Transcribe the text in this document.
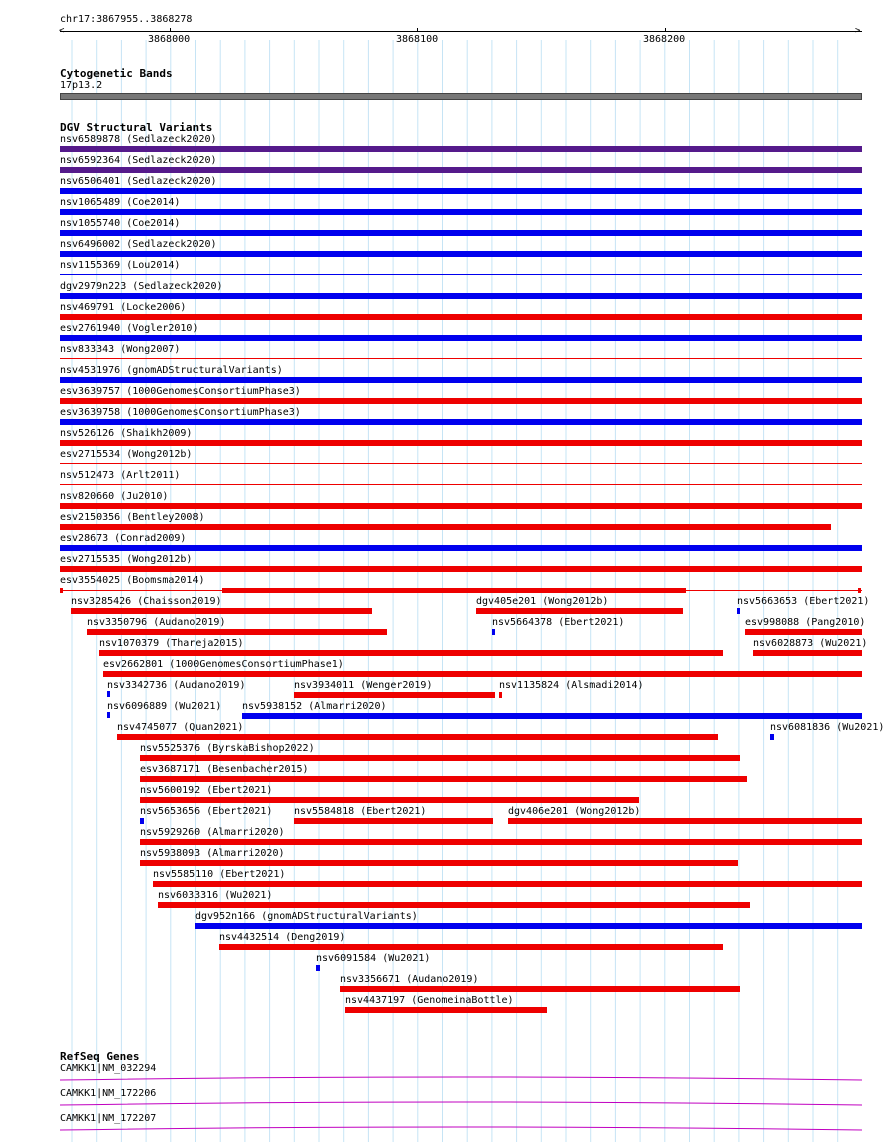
chr17:3867955..3868278
<	>
3868000	3868100	3868200
Cytogenetic Bands
17p13.2
DGV Structural Variants
nsv6589878 (Sedlazeck2020)
nsv6592364 (Sedlazeck2020)
nsv6506401 (Sedlazeck2020)
nsv1065489 (Coe2014)
nsv1055740 (Coe2014)
nsv6496002 (Sedlazeck2020)
nsv1155369 (Lou2014)
dgv2979n223 (Sedlazeck2020)
nsv469791 (Locke2006)
esv2761940 (Vogler2010)
nsv833343 (Wong2007)
nsv4531976 (gnomADStructuralVariants)
esv3639757 (1000GenomesConsortiumPhase3)
esv3639758 (1000GenomesConsortiumPhase3)
nsv526126 (Shaikh2009)
esv2715534 (Wong2012b)
nsv512473 (Arlt2011)
nsv820660 (Ju2010)
esv2150356 (Bentley2008)
esv28673 (Conrad2009)
esv2715535 (Wong2012b)
esv3554025 (Boomsma2014)
nsv3285426 (Chaisson2019)	dgv405e201 (Wong2012b)	nsv5663653 (Ebert2021)
nsv3350796 (Audano2019)	nsv5664378 (Ebert2021)	esv998088 (Pang2010)
nsv1070379 (Thareja2015)	nsv6028873 (Wu2021)
esv2662801 (1000GenomesConsortiumPhase1)
nsv3342736 (Audano2019)	nsv3934011 (Wenger2019)	nsv1135824 (Alsmadi2014)
nsv6096889 (Wu2021) nsv5938152 (Almarri2020)
nsv4745077 (Quan2021)	nsv6081836 (Wu2021)
nsv5525376 (ByrskaBishop2022)
esv3687171 (Besenbacher2015)
nsv5600192 (Ebert2021)
nsv5653656 (Ebert2021) nsv5584818 (Ebert2021)	dgv406e201 (Wong2012b)
nsv5929260 (Almarri2020)
nsv5938093 (Almarri2020)
nsv5585110 (Ebert2021)
nsv6033316 (Wu2021)
dgv952n166 (gnomADStructuralVariants)
nsv4432514 (Deng2019)
nsv6091584 (Wu2021)
nsv3356671 (Audano2019)
nsv4437197 (GenomeinaBottle)
RefSeq Genes
CAMKK1|NM_032294
CAMKK1|NM_172206
CAMKK1|NM_172207
